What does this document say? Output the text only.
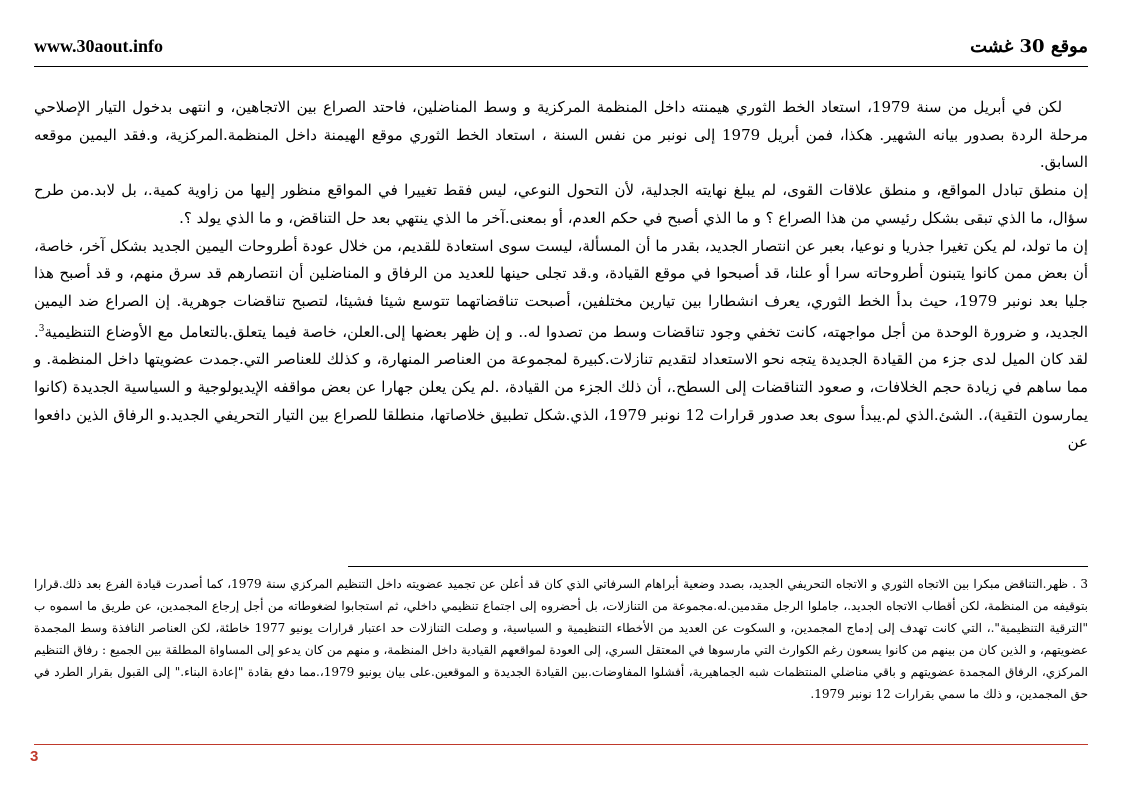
www.30aout.info	موقع 30 غشت

لكن في أبريل من سنة 1979، استعاد الخط الثوري هيمنته داخل المنظمة المركزية و وسط المناضلين، فاحتد الصراع بين الاتجاهين، و انتهى بدخول التيار الإصلاحي مرحلة الردة بصدور بيانه الشهير. هكذا، فمن أبريل 1979 إلى نونبر من نفس السنة ، استعاد الخط الثوري موقع الهيمنة داخل المنظمة.المركزية، و.فقد اليمين موقعه السابق.

إن منطق تبادل المواقع، و منطق علاقات القوى، لم يبلغ نهايته الجدلية، لأن التحول النوعي، ليس فقط تغييرا في المواقع منظور إليها من زاوية كمية.، بل لابد.من طرح سؤال، ما الذي تبقى بشكل رئيسي من هذا الصراع ؟ و ما الذي أصبح في حكم العدم، أو بمعنى.آخر ما الذي ينتهي بعد حل التناقض، و ما الذي يولد ؟.

إن ما تولد، لم يكن تغيرا جذريا و نوعيا، بعبر عن انتصار الجديد، بقدر ما أن المسألة، ليست سوى استعادة للقديم، من خلال عودة أطروحات اليمين الجديد بشكل آخر، خاصة، أن بعض ممن كانوا يتبنون أطروحاته سرا أو علنا، قد أصبحوا في موقع القيادة، و.قد تجلى حينها للعديد من الرفاق و المناضلين أن انتصارهم قد سرق منهم، و قد أصبح هذا جليا بعد نونبر 1979، حيث بدأ الخط الثوري، يعرف انشطارا بين تيارين مختلفين، أصبحت تناقضاتهما تتوسع شيئا فشيئا، لتصبح تناقضات جوهرية. إن الصراع ضد اليمين الجديد، و ضرورة الوحدة من أجل مواجهته، كانت تخفي وجود تناقضات وسط من تصدوا له.. و إن ظهر بعضها إلى.العلن، خاصة فيما يتعلق.بالتعامل مع الأوضاع التنظيمية$^3$. لقد كان الميل لدى جزء من القيادة الجديدة يتجه نحو الاستعداد لتقديم تنازلات.كبيرة لمجموعة من العناصر المنهارة، و كذلك للعناصر التي.جمدت عضويتها داخل المنظمة. و مما ساهم في زيادة حجم الخلافات، و صعود التناقضات إلى السطح.، أن ذلك الجزء من القيادة، .لم يكن يعلن جهارا عن بعض مواقفه الإيديولوجية و السياسية الجديدة (كانوا يمارسون التقية)،. الشئ.الذي لم.يبدأ سوى بعد صدور قرارات 12 نونبر 1979، الذي.شكل تطبيق خلاصاتها، منطلقا للصراع بين التيار التحريفي الجديد.و الرفاق الذين دافعوا عن

3 . ظهر.التناقض مبكرا بين الاتجاه الثوري و الاتجاه التحريفي الجديد، بصدد وضعية أبراهام السرفاتي الذي كان قد أعلن عن تجميد عضويته داخل التنظيم المركزي سنة 1979، كما أصدرت قيادة الفرع بعد ذلك.قرارا بتوقيفه من المنظمة، لكن أقطاب الاتجاه الجديد.، جاملوا الرجل مقدمين.له.مجموعة من التنازلات، بل أحضروه إلى اجتماع تنظيمي داخلي، ثم استجابوا لضغوطاته من أجل إرجاع المجمدين، عن طريق ما اسموه ب "الترقية التنظيمية".، التي كانت تهدف إلى إدماج المجمدين، و السكوت عن العديد من الأخطاء التنظيمية و السياسية، و وصلت التنازلات حد اعتبار قرارات يونيو 1977 خاطئة، لكن العناصر النافذة وسط المجمدة عضويتهم، و الذين كان من بينهم من كانوا يسعون رغم الكوارث التي مارسوها في المعتقل السري، إلى العودة لمواقعهم القيادية داخل المنظمة، و منهم من كان يدعو إلى المساواة المطلقة بين الجميع : رفاق التنظيم المركزي، الرفاق المجمدة عضويتهم و باقي مناضلي المنتظمات شبه الجماهيرية، أفشلوا المفاوضات.بين القيادة الجديدة و الموقعين.على بيان يونيو 1979،.مما دفع بقادة "إعادة البناء." إلى القبول بقرار الطرد في حق المجمدين، و ذلك ما سمي بقرارات 12 نونبر 1979.
3
